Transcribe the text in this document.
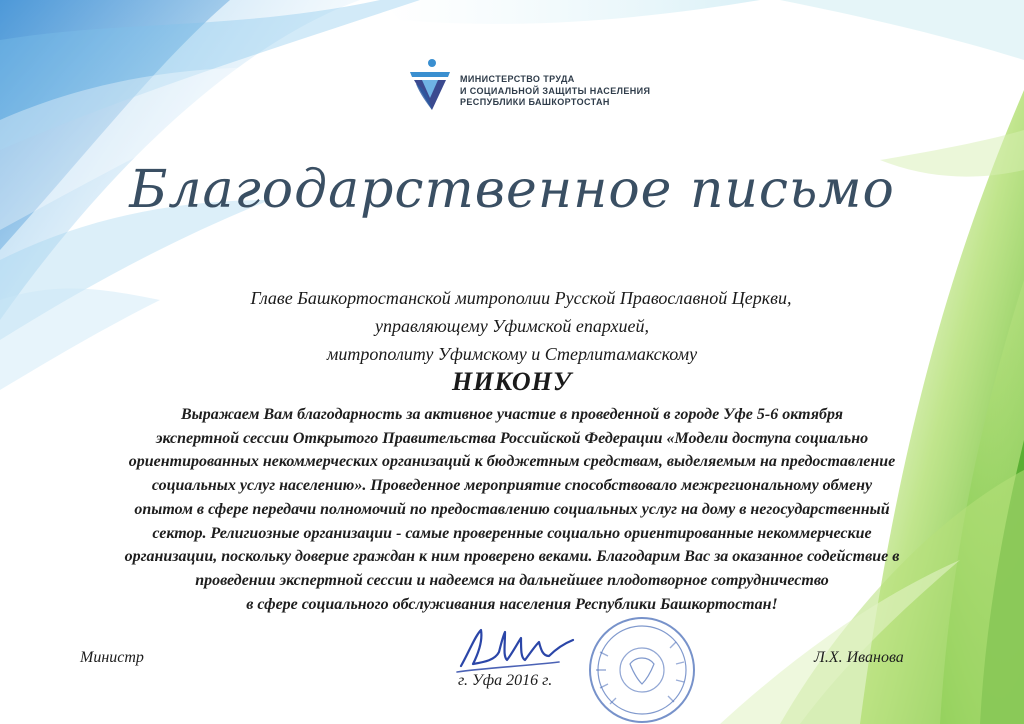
МИНИСТЕРСТВО ТРУДА
И СОЦИАЛЬНОЙ ЗАЩИТЫ НАСЕЛЕНИЯ
РЕСПУБЛИКИ БАШКОРТОСТАН
Благодарственное письмо
Главе Башкортостанской митрополии Русской Православной Церкви,
управляющему Уфимской епархией,
митрополиту Уфимскому и Стерлитамакскому
НИКОНУ
Выражаем Вам благодарность за активное участие в проведенной в городе Уфе 5-6 октября
экспертной сессии Открытого Правительства Российской Федерации «Модели доступа социально
ориентированных некоммерческих организаций к бюджетным средствам, выделяемым на предоставление
социальных услуг населению». Проведенное мероприятие способствовало межрегиональному обмену
опытом в сфере передачи полномочий по предоставлению социальных услуг на дому в негосударственный
сектор. Религиозные организации - самые проверенные социально ориентированные некоммерческие
организации, поскольку доверие граждан к ним проверено веками. Благодарим Вас за оказанное содействие в
проведении экспертной сессии и надеемся на дальнейшее плодотворное сотрудничество
в сфере социального обслуживания населения Республики Башкортостан!
Министр	Л.Х. Иванова
г. Уфа 2016 г.
